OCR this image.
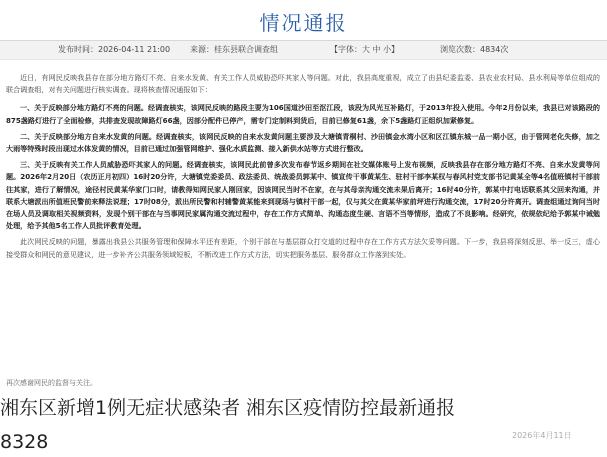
情况通报
发布时间：2026-04-11 21:00 来源：桂东县联合调查组	【字体：大 中 小】	浏览次数：4834次

近日，有网民反映我县存在部分地方路灯不亮、自来水发黄、有关工作人员威胁恐吓其家人等问题。对此，我县高度重视，成立了由县纪委监委、县农业农村局、县水利局等单位组成的联合调查组，对有关问题进行核实调查。现将核查情况通报如下：

一、关于反映部分地方路灯不亮的问题。经调查核实，该网民反映的路段主要为106国道沙田至沤江段，该段为风光互补路灯，于2013年投入使用。今年2月份以来，我县已对该路段的875盏路灯进行了全面检修，共排查发现故障路灯66盏，因部分配件已停产，需专门定制料到货后，目前已修复61盏，余下5盏路灯正组织加紧修复。

二、关于反映部分地方自来水发黄的问题。经调查核实，该网民反映的自来水发黄问题主要涉及大塘镇青桐村、沙田镇金水湾小区和区江镇东城一品一期小区，由于管网老化失修，加之大雨等特殊时段出现过水体发黄的情况，目前已通过加强管网维护、强化水质监测、接入新供水站等方式进行整改。

三、关于反映有关工作人员威胁恐吓其家人的问题。经调查核实，该网民此前曾多次发布春节返乡期间在社交媒体账号上发布视频，反映我县存在部分地方路灯不亮、自来水发黄等问题。2026年2月20日（农历正月初四）16时20分许，大塘镇党委委员、政法委员、统战委员郭某中、镇宣传干事黄某生、驻村干部李某权与春风村党支部书记黄某全等4名值班镇村干部前往其家，进行了解情况，途径村民黄某华家门口时，请教得知网民家人刚回家，因该网民当时不在家，在与其母亲沟通交流未果后离开；16时40分许，郭某中打电话联系其父回来沟通，并联系大塘派出所值班民警前来释法说理；17时08分，派出所民警和村辅警黄某能来到现场与镇村干部一起，仅与其父在黄某华家前坪进行沟通交流，17时20分许离开。调查组通过询问当时在场人员及调取相关视频资料，发现个别干部在与当事网民家属沟通交流过程中，存在工作方式简单、沟通态度生硬、言语不当等情形，造成了不良影响。经研究，依规依纪给予郭某中诫勉处理，给予其他5名工作人员批评教育处理。

此次网民反映的问题，暴露出我县公共服务管理和保障水平还有差距，个别干部在与基层群众打交道的过程中存在工作方式方法欠妥等问题。下一步，我县将深刻反思、举一反三，虚心接受群众和网民的意见建议，进一步补齐公共服务领域短板，不断改进工作方式方法，切实把服务基层、服务群众工作落到实处。

再次感谢网民的监督与关注。
湘东区新增1例无症状感染者 湘东区疫情防控最新通报
8328	2026年4月11日
